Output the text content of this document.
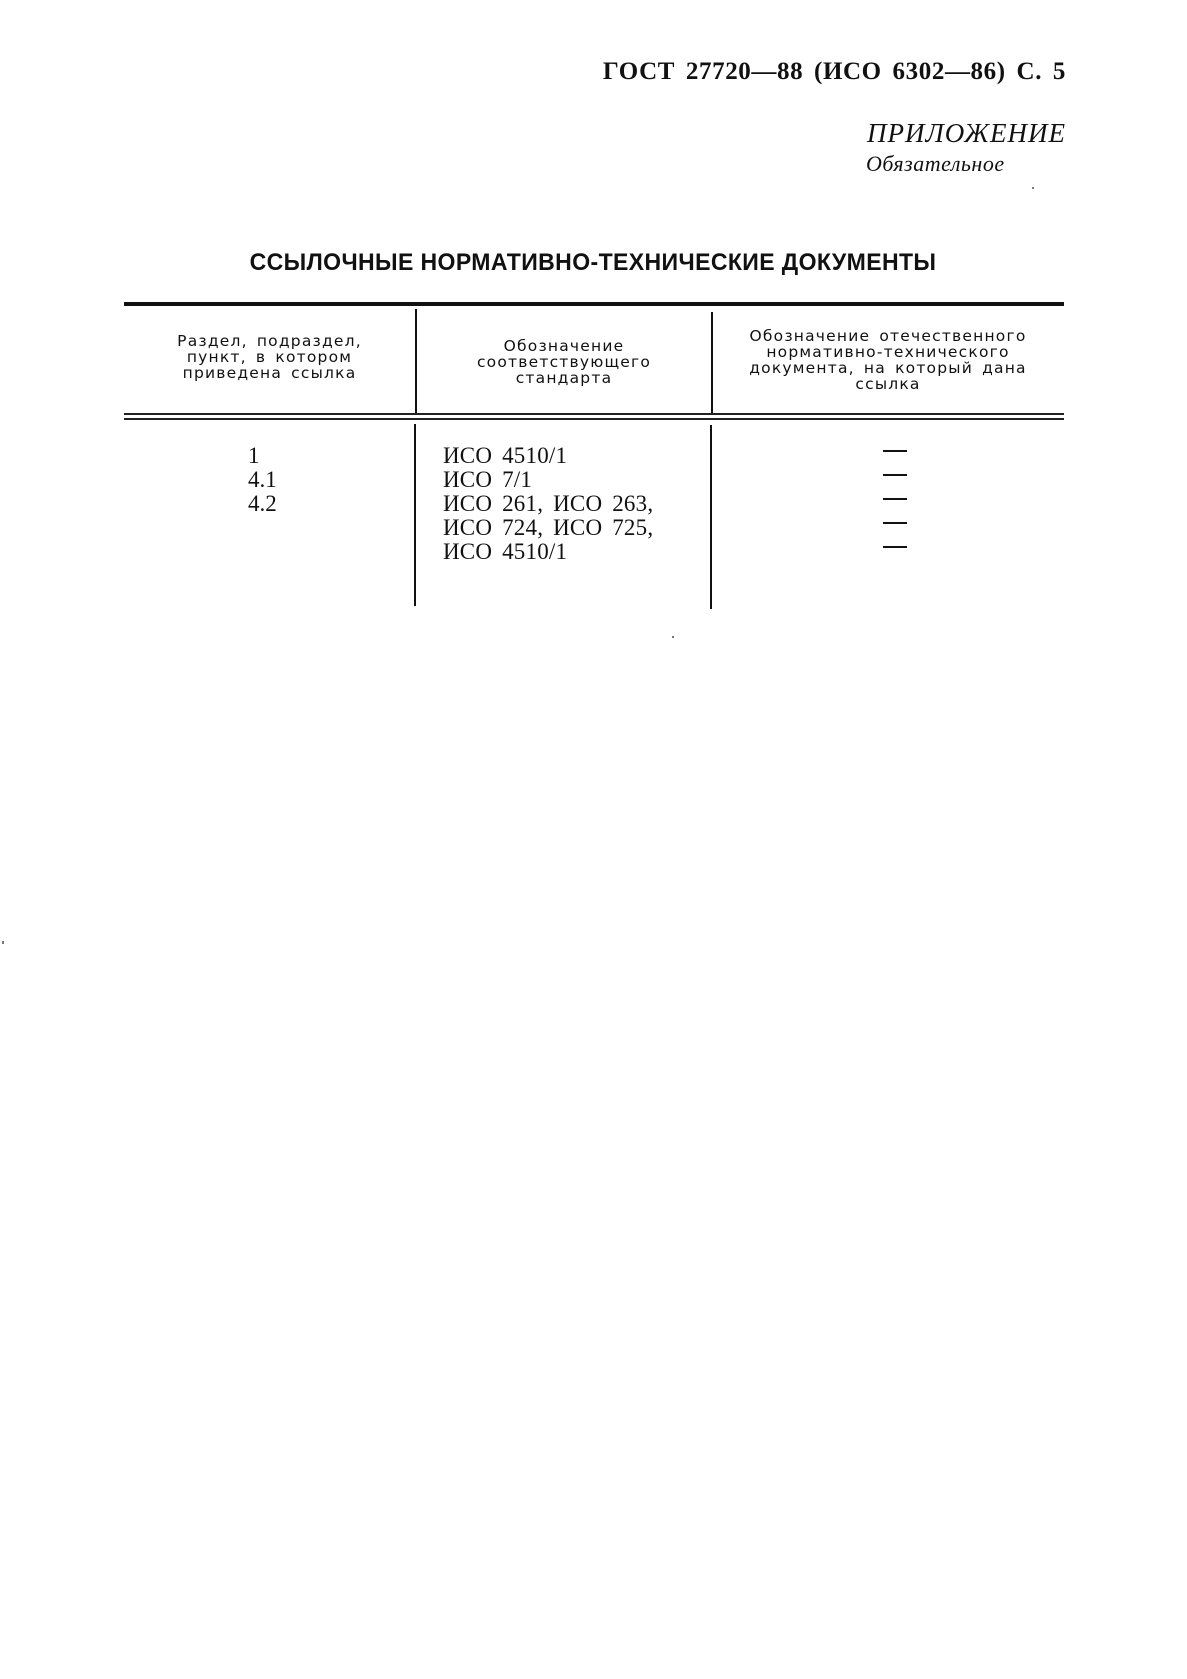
ГОСТ 27720—88 (ИСО 6302—86) С. 5
ПРИЛОЖЕНИЕ
Обязательное
ССЫЛОЧНЫЕ НОРМАТИВНО-ТЕХНИЧЕСКИЕ ДОКУМЕНТЫ
Раздел, подраздел,
пункт, в котором
приведена ссылка
Обозначение
соответствующего
стандарта
Обозначение отечественного
нормативно-технического
документа, на который дана
ссылка
1
4.1
4.2
ИСО 4510/1
ИСО 7/1
ИСО 261, ИСО 263,
ИСО 724, ИСО 725,
ИСО 4510/1
